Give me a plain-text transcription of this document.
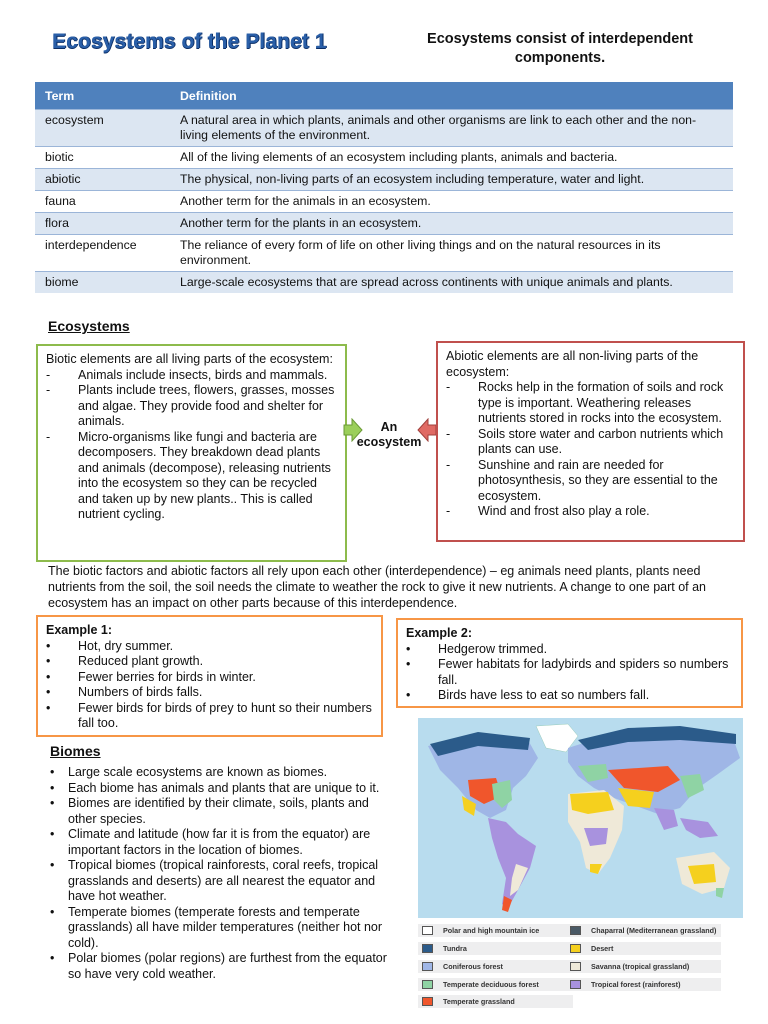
Ecosystems of the Planet 1	Ecosystems consist of interdependent components.
Term	Definition
ecosystem	A natural area in which plants, animals and other organisms are link to each other and the non-living elements of the environment.
biotic	All of the living elements of an ecosystem including plants, animals and bacteria.
abiotic	The physical, non-living parts of an ecosystem including temperature, water and light.
fauna	Another term for the animals in an ecosystem.
flora	Another term for the plants in an ecosystem.
interdependence	The reliance of every form of life on other living things and on the natural resources in its environment.
biome	Large-scale ecosystems that are spread across continents with unique animals and plants.
Ecosystems
Biotic elements are all living parts of the ecosystem:
- Animals include insects, birds and mammals.
- Plants include trees, flowers, grasses, mosses and algae. They provide food and shelter for animals.
- Micro-organisms like fungi and bacteria are decomposers. They breakdown dead plants and animals (decompose), releasing nutrients into the ecosystem so they can be recycled and taken up by new plants.. This is called nutrient cycling.
An ecosystem
Abiotic elements are all non-living parts of the ecosystem:
- Rocks help in the formation of soils and rock type is important. Weathering releases nutrients stored in rocks into the ecosystem.
- Soils store water and carbon nutrients which plants can use.
- Sunshine and rain are needed for photosynthesis, so they are essential to the ecosystem.
- Wind and frost also play a role.
The biotic factors and abiotic factors all rely upon each other (interdependence) – eg animals need plants, plants need nutrients from the soil, the soil needs the climate to weather the rock to give it new nutrients. A change to one part of an ecosystem has an impact on other parts because of this interdependence.
Example 1:
• Hot, dry summer.
• Reduced plant growth.
• Fewer berries for birds in winter.
• Numbers of birds falls.
• Fewer birds for birds of prey to hunt so their numbers fall too.
Example 2:
• Hedgerow trimmed.
• Fewer habitats for ladybirds and spiders so numbers fall.
• Birds have less to eat so numbers fall.
Biomes
• Large scale ecosystems are known as biomes.
• Each biome has animals and plants that are unique to it.
• Biomes are identified by their climate, soils, plants and other species.
• Climate and latitude (how far it is from the equator) are important factors in the location of biomes.
• Tropical biomes (tropical rainforests, coral reefs, tropical grasslands and deserts) are all nearest the equator and have hot weather.
• Temperate biomes (temperate forests and temperate grasslands) all have milder temperatures (neither hot nor cold).
• Polar biomes (polar regions) are furthest from the equator so have very cold weather.
Polar and high mountain ice
Tundra
Coniferous forest
Temperate deciduous forest
Temperate grassland
Chaparral (Mediterranean grassland)
Desert
Savanna (tropical grassland)
Tropical forest (rainforest)
